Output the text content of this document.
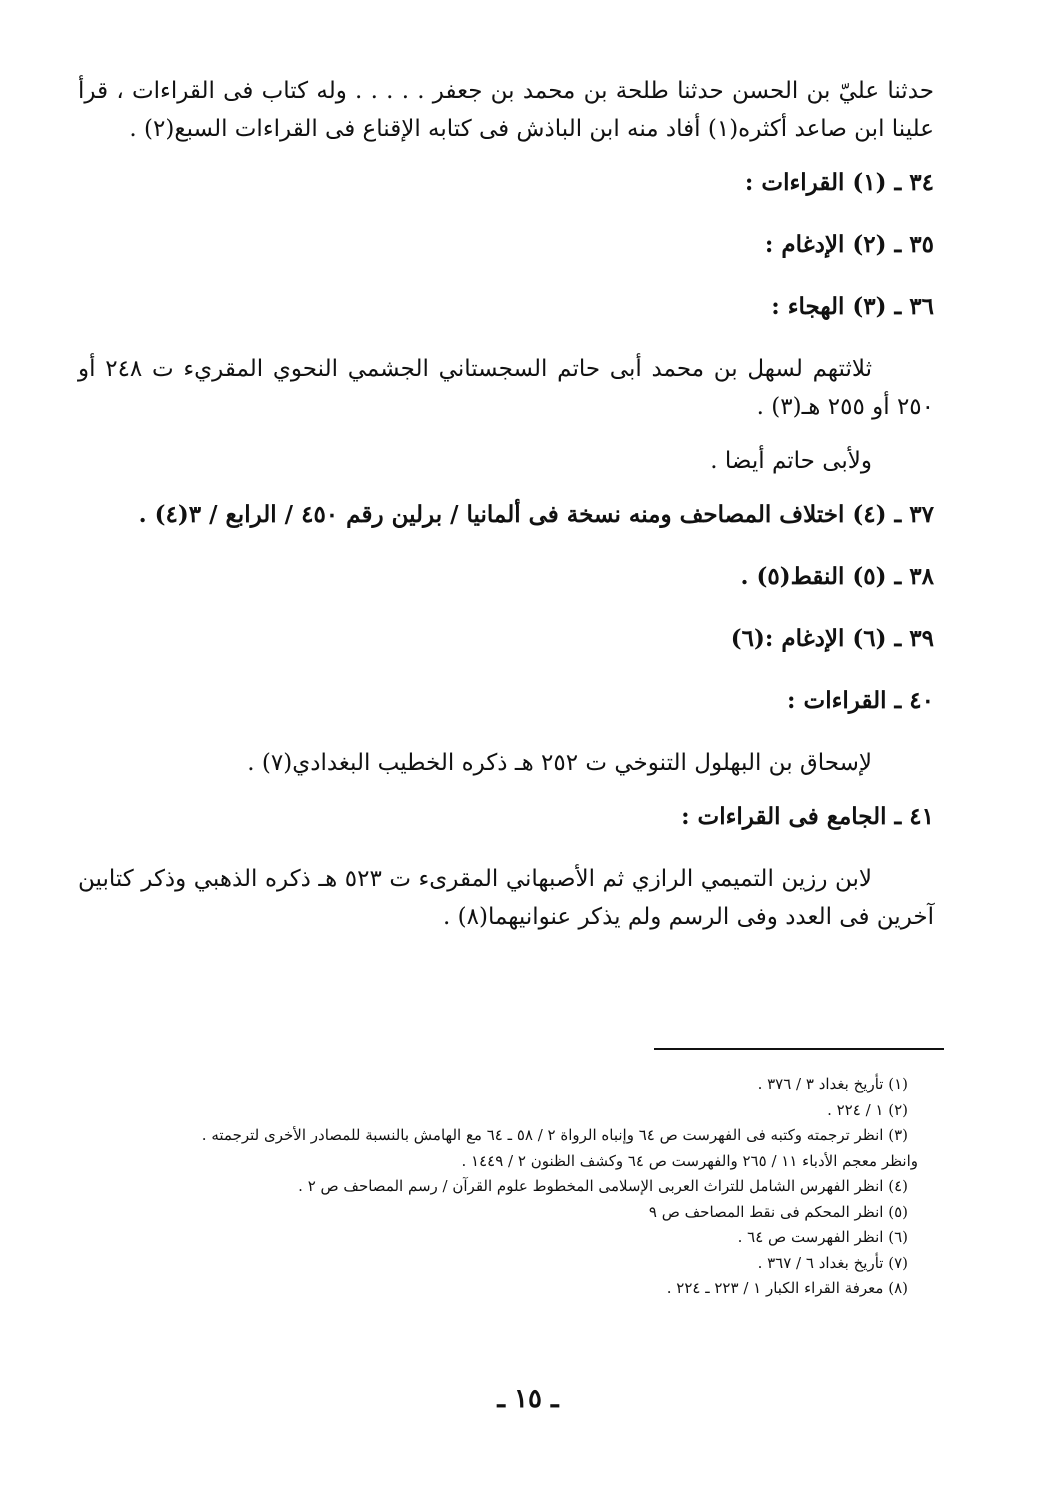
حدثنا عليّ بن الحسن حدثنا طلحة بن محمد بن جعفر . . . . . وله كتاب فى القراءات ، قرأ علينا ابن صاعد أكثره(١) أفاد منه ابن الباذش فى كتابه الإقناع فى القراءات السبع(٢) .

٣٤ ـ (١) القراءات :

٣٥ ـ (٢) الإدغام :

٣٦ ـ (٣) الهجاء :

ثلاثتهم لسهل بن محمد أبى حاتم السجستاني الجشمي النحوي المقريء ت ٢٤٨ أو ٢٥٠ أو ٢٥٥ هـ(٣) .

ولأبى حاتم أيضا .

٣٧ ـ (٤) اختلاف المصاحف ومنه نسخة فى ألمانيا / برلين رقم ٤٥٠ / الرابع / ٣(٤) .

٣٨ ـ (٥) النقط(٥) .

٣٩ ـ (٦) الإدغام :(٦)

٤٠ ـ القراءات :

لإسحاق بن البهلول التنوخي ت ٢٥٢ هـ ذكره الخطيب البغدادي(٧) .

٤١ ـ الجامع فى القراءات :

لابن رزين التميمي الرازي ثم الأصبهاني المقرىء ت ٥٢٣ هـ ذكره الذهبي وذكر كتابين آخرين فى العدد وفى الرسم ولم يذكر عنوانيهما(٨) .

(١) تأريخ بغداد ٣ / ٣٧٦ .

(٢) ١ / ٢٢٤ .

(٣) انظر ترجمته وكتبه فى الفهرست ص ٦٤ وإنباه الرواة ٢ / ٥٨ ـ ٦٤ مع الهامش بالنسبة للمصادر الأخرى لترجمته .

وانظر معجم الأدباء ١١ / ٢٦٥ والفهرست ص ٦٤ وكشف الظنون ٢ / ١٤٤٩ .

(٤) انظر الفهرس الشامل للتراث العربى الإسلامى المخطوط علوم القرآن / رسم المصاحف ص ٢ .

(٥) انظر المحكم فى نقط المصاحف ص ٩

(٦) انظر الفهرست ص ٦٤ .

(٧) تأريخ بغداد ٦ / ٣٦٧ .

(٨) معرفة القراء الكبار ١ / ٢٢٣ ـ ٢٢٤ .

ـ ١٥ ـ
